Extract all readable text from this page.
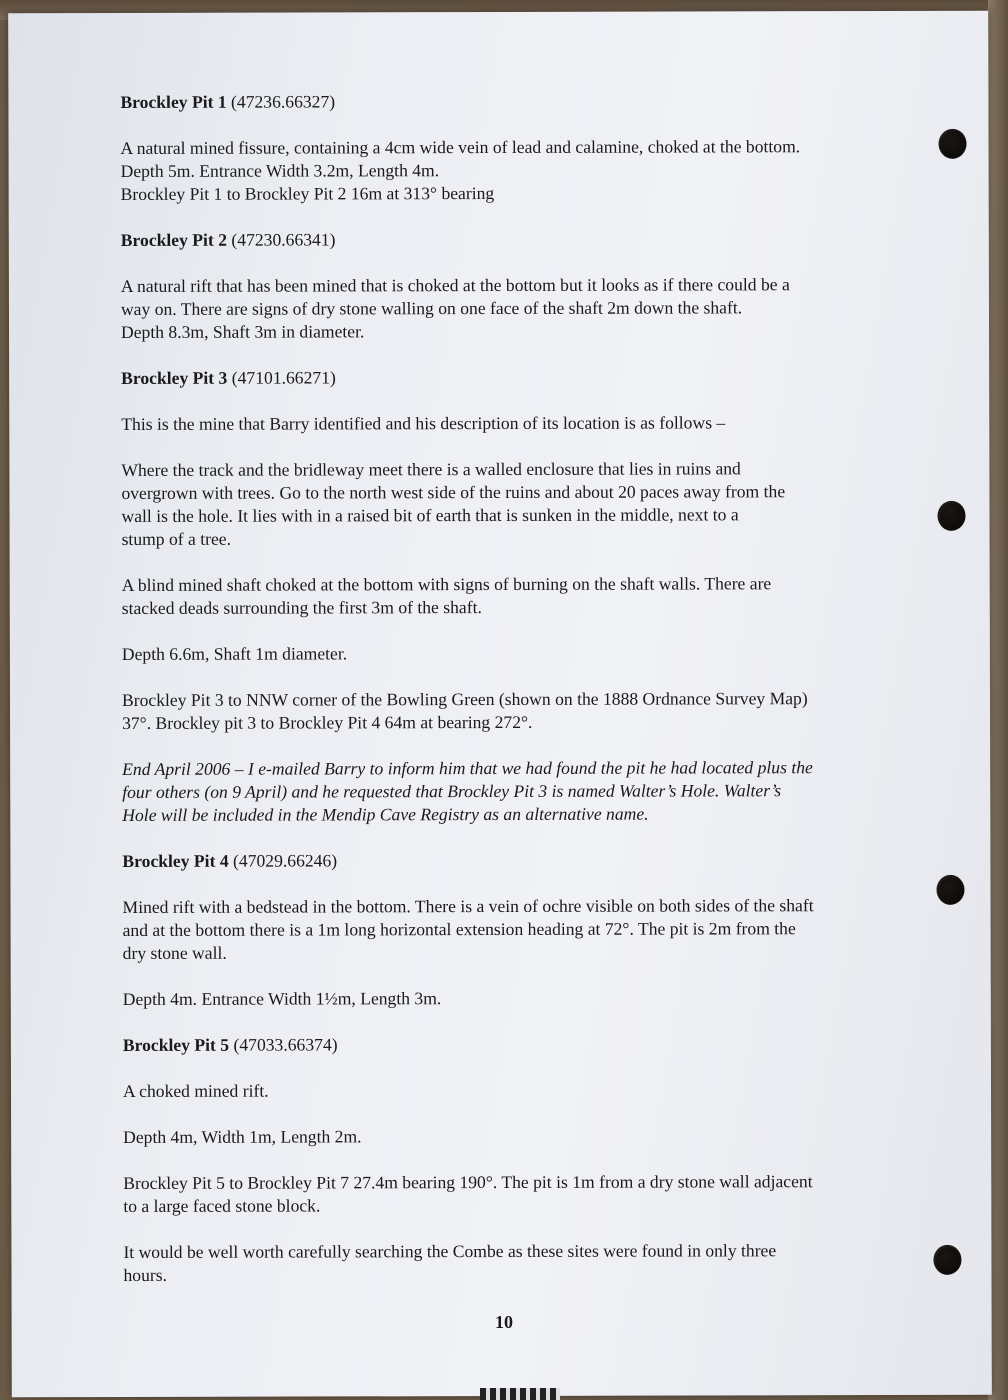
Brockley Pit 1 (47236.66327)

A natural mined fissure, containing a 4cm wide vein of lead and calamine, choked at the bottom.
Depth 5m. Entrance Width 3.2m, Length 4m.
Brockley Pit 1 to Brockley Pit 2 16m at 313° bearing

Brockley Pit 2 (47230.66341)

A natural rift that has been mined that is choked at the bottom but it looks as if there could be a
way on. There are signs of dry stone walling on one face of the shaft 2m down the shaft.
Depth 8.3m, Shaft 3m in diameter.

Brockley Pit 3 (47101.66271)

This is the mine that Barry identified and his description of its location is as follows –

Where the track and the bridleway meet there is a walled enclosure that lies in ruins and
overgrown with trees. Go to the north west side of the ruins and about 20 paces away from the
wall is the hole. It lies with in a raised bit of earth that is sunken in the middle, next to a
stump of a tree.

A blind mined shaft choked at the bottom with signs of burning on the shaft walls. There are
stacked deads surrounding the first 3m of the shaft.

Depth 6.6m, Shaft 1m diameter.

Brockley Pit 3 to NNW corner of the Bowling Green (shown on the 1888 Ordnance Survey Map)
37°. Brockley pit 3 to Brockley Pit 4 64m at bearing 272°.

End April 2006 – I e-mailed Barry to inform him that we had found the pit he had located plus the
four others (on 9 April) and he requested that Brockley Pit 3 is named Walter’s Hole. Walter’s
Hole will be included in the Mendip Cave Registry as an alternative name.

Brockley Pit 4 (47029.66246)

Mined rift with a bedstead in the bottom. There is a vein of ochre visible on both sides of the shaft
and at the bottom there is a 1m long horizontal extension heading at 72°. The pit is 2m from the
dry stone wall.

Depth 4m. Entrance Width 1½m, Length 3m.

Brockley Pit 5 (47033.66374)

A choked mined rift.

Depth 4m, Width 1m, Length 2m.

Brockley Pit 5 to Brockley Pit 7 27.4m bearing 190°. The pit is 1m from a dry stone wall adjacent
to a large faced stone block.

It would be well worth carefully searching the Combe as these sites were found in only three
hours.

10
